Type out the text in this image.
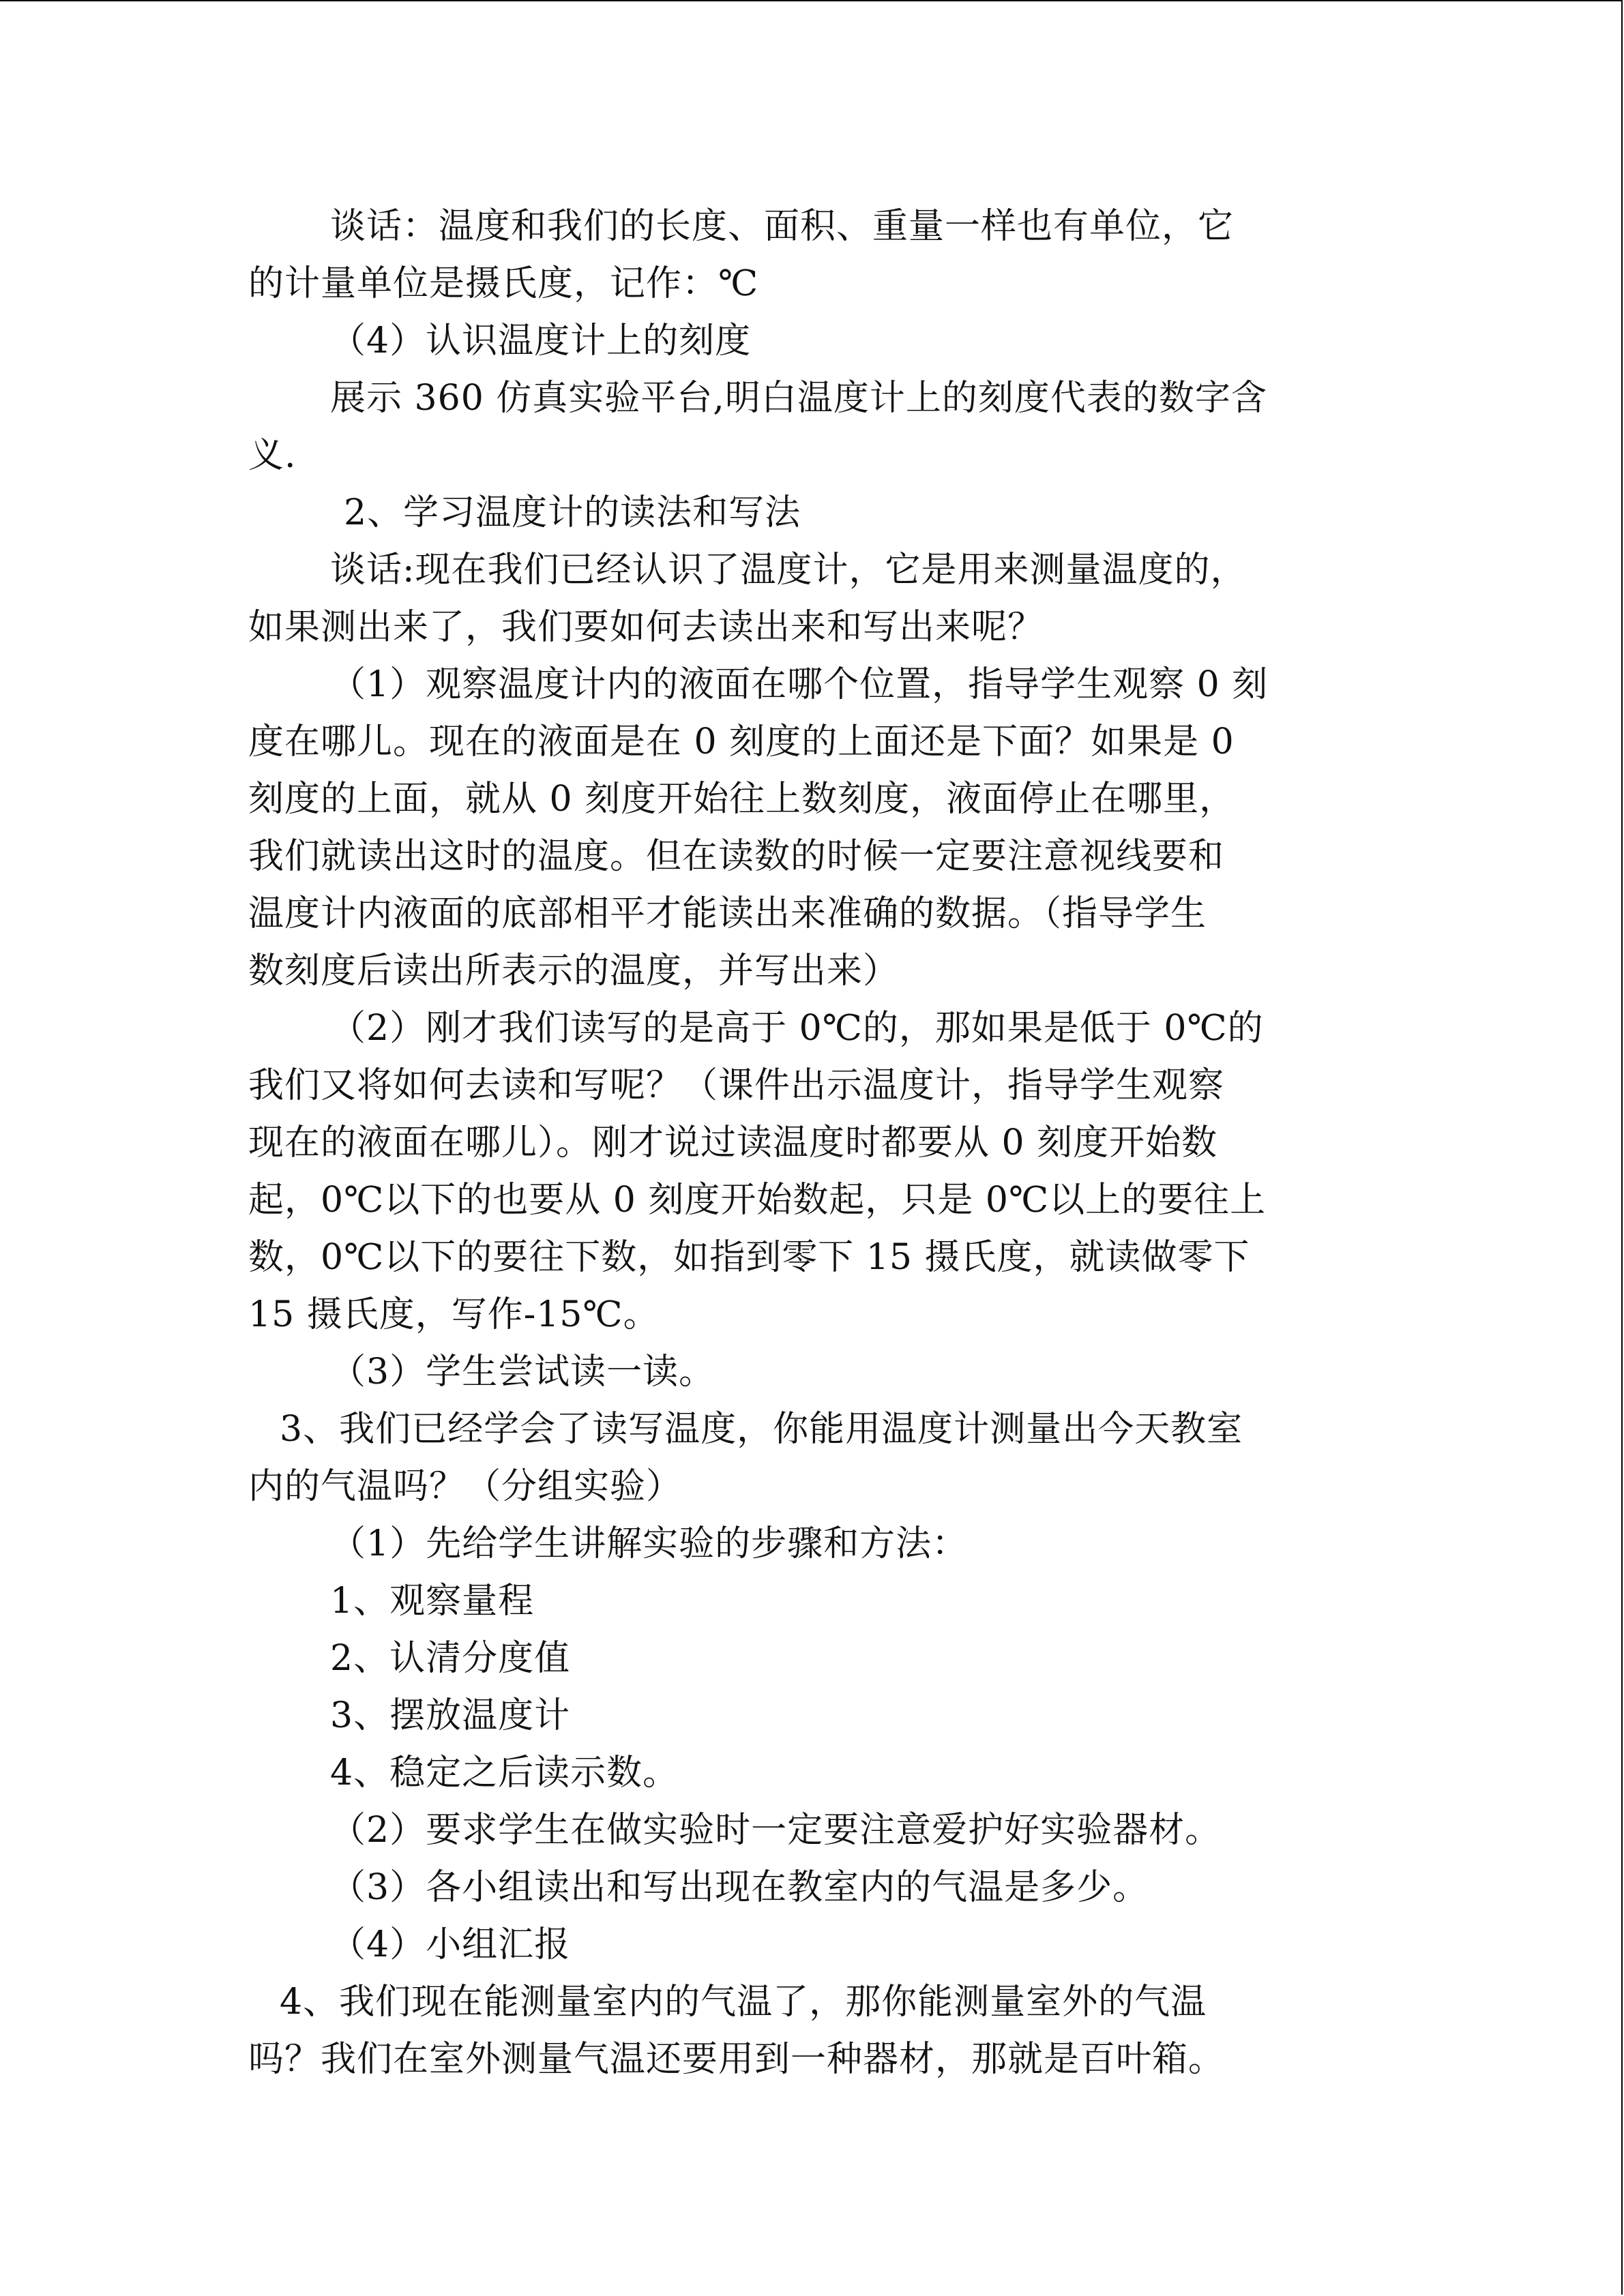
谈话：温度和我们的长度、面积、重量一样也有单位，它
的计量单位是摄氏度，记作：℃
（4）认识温度计上的刻度
展示 360 仿真实验平台,明白温度计上的刻度代表的数字含
义.
2、学习温度计的读法和写法
谈话:现在我们已经认识了温度计，它是用来测量温度的，
如果测出来了，我们要如何去读出来和写出来呢？
（1）观察温度计内的液面在哪个位置，指导学生观察 0 刻
度在哪儿。现在的液面是在 0 刻度的上面还是下面？如果是 0
刻度的上面，就从 0 刻度开始往上数刻度，液面停止在哪里，
我们就读出这时的温度。但在读数的时候一定要注意视线要和
温度计内液面的底部相平才能读出来准确的数据。（指导学生
数刻度后读出所表示的温度，并写出来）
（2）刚才我们读写的是高于 0℃的，那如果是低于 0℃的
我们又将如何去读和写呢？（课件出示温度计，指导学生观察
现在的液面在哪儿）。刚才说过读温度时都要从 0 刻度开始数
起，0℃以下的也要从 0 刻度开始数起，只是 0℃以上的要往上
数，0℃以下的要往下数，如指到零下 15 摄氏度，就读做零下
15 摄氏度，写作-15℃。
（3）学生尝试读一读。
3、我们已经学会了读写温度，你能用温度计测量出今天教室
内的气温吗？（分组实验）
（1）先给学生讲解实验的步骤和方法：
1、观察量程
2、认清分度值
3、摆放温度计
4、稳定之后读示数。
（2）要求学生在做实验时一定要注意爱护好实验器材。
（3）各小组读出和写出现在教室内的气温是多少。
（4）小组汇报
4、我们现在能测量室内的气温了，那你能测量室外的气温
吗？我们在室外测量气温还要用到一种器材，那就是百叶箱。
